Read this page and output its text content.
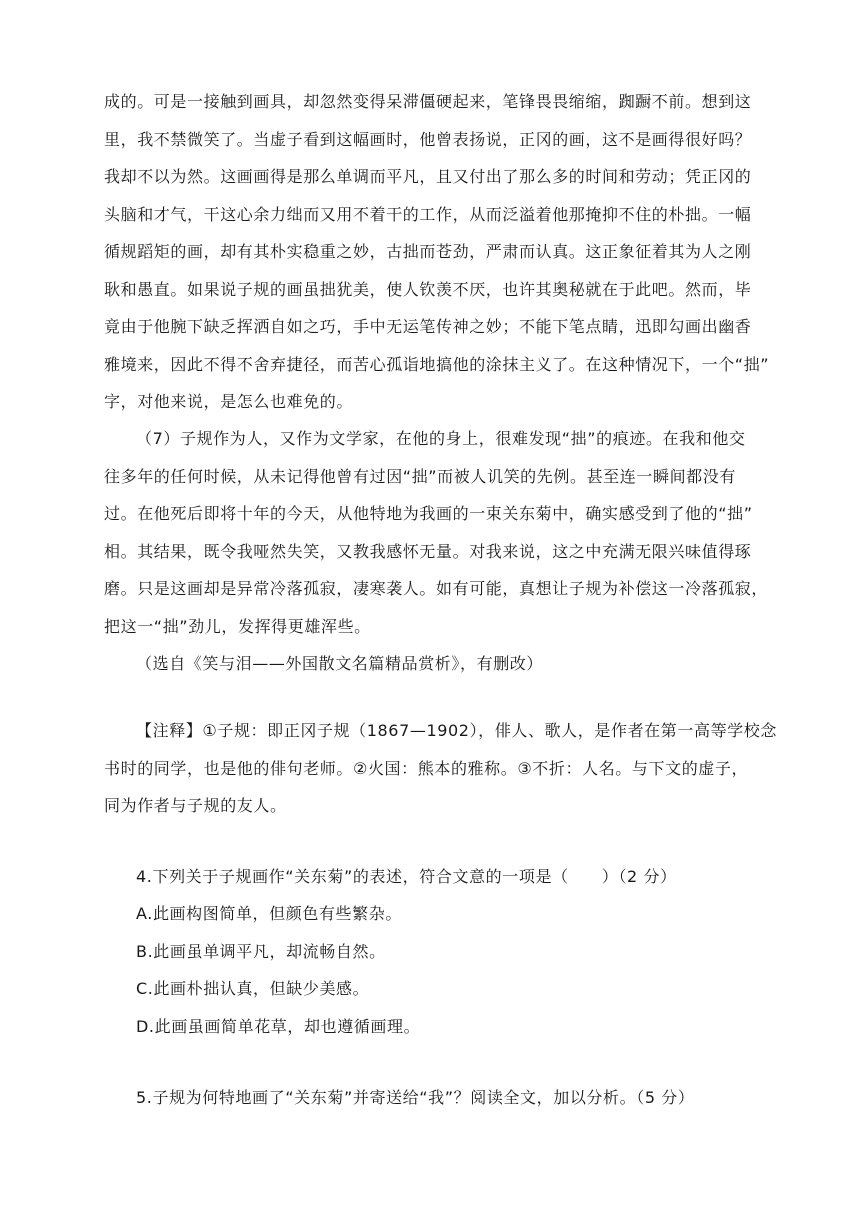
成的。可是一接触到画具，却忽然变得呆滞僵硬起来，笔锋畏畏缩缩，踟蹰不前。想到这
里，我不禁微笑了。当虚子看到这幅画时，他曾表扬说，正冈的画，这不是画得很好吗？
我却不以为然。这画画得是那么单调而平凡，且又付出了那么多的时间和劳动；凭正冈的
头脑和才气，干这心余力绌而又用不着干的工作，从而泛溢着他那掩抑不住的朴拙。一幅
循规蹈矩的画，却有其朴实稳重之妙，古拙而苍劲，严肃而认真。这正象征着其为人之刚
耿和愚直。如果说子规的画虽拙犹美，使人钦羡不厌，也许其奥秘就在于此吧。然而，毕
竟由于他腕下缺乏挥洒自如之巧，手中无运笔传神之妙；不能下笔点睛，迅即勾画出幽香
雅境来，因此不得不舍弃捷径，而苦心孤诣地搞他的涂抹主义了。在这种情况下，一个“拙”
字，对他来说，是怎么也难免的。
（7）子规作为人，又作为文学家，在他的身上，很难发现“拙”的痕迹。在我和他交
往多年的任何时候，从未记得他曾有过因“拙”而被人讥笑的先例。甚至连一瞬间都没有
过。在他死后即将十年的今天，从他特地为我画的一束关东菊中，确实感受到了他的“拙”
相。其结果，既令我哑然失笑，又教我感怀无量。对我来说，这之中充满无限兴味值得琢
磨。只是这画却是异常冷落孤寂，凄寒袭人。如有可能，真想让子规为补偿这一冷落孤寂，
把这一“拙”劲儿，发挥得更雄浑些。
（选自《笑与泪——外国散文名篇精品赏析》，有删改）
【注释】①子规：即正冈子规（1867—1902），俳人、歌人，是作者在第一高等学校念
书时的同学，也是他的俳句老师。②火国：熊本的雅称。③不折：人名。与下文的虚子，
同为作者与子规的友人。
4.下列关于子规画作“关东菊”的表述，符合文意的一项是（　　）（2 分）
A.此画构图简单，但颜色有些繁杂。
B.此画虽单调平凡，却流畅自然。
C.此画朴拙认真，但缺少美感。
D.此画虽画简单花草，却也遵循画理。
5.子规为何特地画了“关东菊”并寄送给“我”？阅读全文，加以分析。（5 分）
